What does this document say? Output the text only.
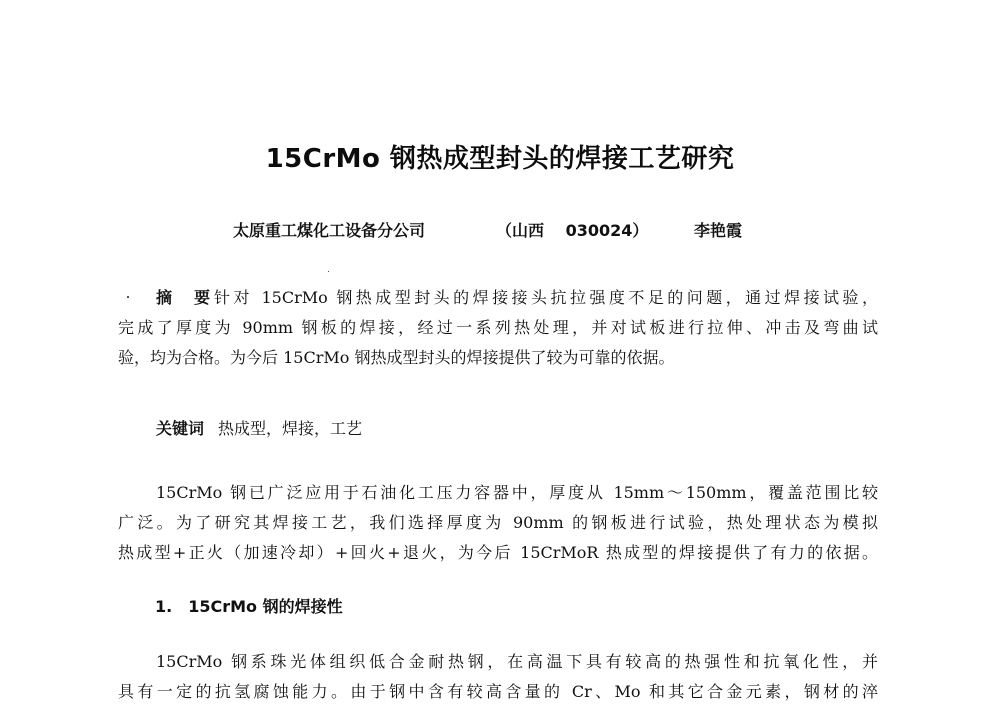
15CrMo 钢热成型封头的焊接工艺研究
太原重工煤化工设备分公司	（山西　 030024）	李艳霞
摘要针对 15CrMo 钢热成型封头的焊接接头抗拉强度不足的问题，通过焊接试验，
完成了厚度为 90mm 钢板的焊接，经过一系列热处理，并对试板进行拉伸、冲击及弯曲试
验，均为合格。为今后 15CrMo 钢热成型封头的焊接提供了较为可靠的依据。
关键词 热成型，焊接，工艺
15CrMo 钢已广泛应用于石油化工压力容器中，厚度从 15mm～150mm，覆盖范围比较
广泛。为了研究其焊接工艺，我们选择厚度为 90mm 的钢板进行试验，热处理状态为模拟
热成型+正火（加速冷却）+回火+退火，为今后 15CrMoR 热成型的焊接提供了有力的依据。
1.　15CrMo 钢的焊接性
15CrMo 钢系珠光体组织低合金耐热钢，在高温下具有较高的热强性和抗氧化性，并
具有一定的抗氢腐蚀能力。由于钢中含有较高含量的 Cr、Mo 和其它合金元素，钢材的淬
